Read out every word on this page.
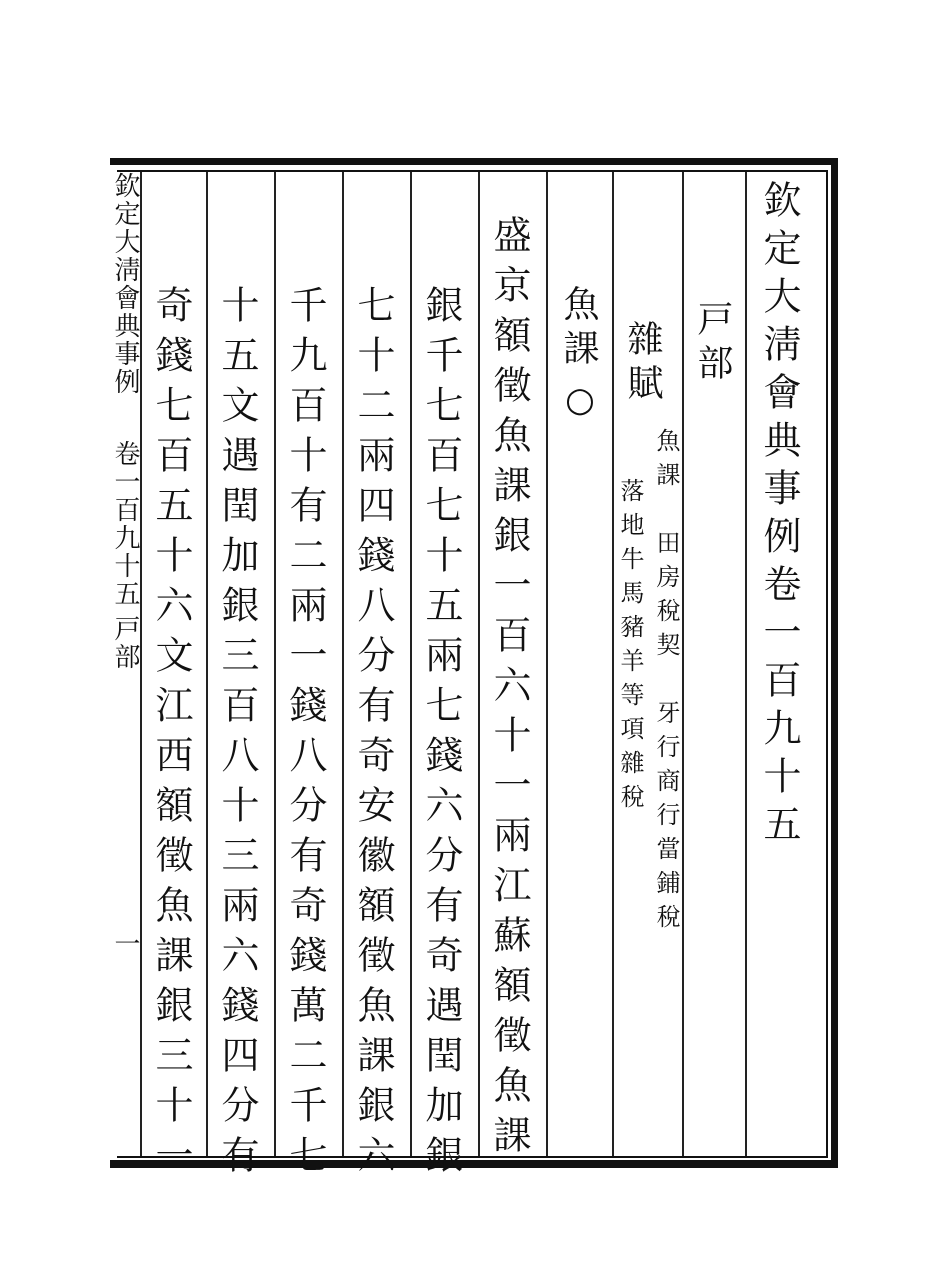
欽定大淸會典事例卷一百九十五
戸部
雜賦
魚課　田房稅契　牙行商行當鋪稅
落地牛馬豬羊等項雜稅
魚課
○
盛京額徵魚課銀一百六十一兩江蘇額徵魚課
銀千七百七十五兩七錢六分有奇遇閏加銀
七十二兩四錢八分有奇安徽額徵魚課銀六
千九百十有二兩一錢八分有奇錢萬二千七
十五文遇閏加銀三百八十三兩六錢四分有
奇錢七百五十六文江西額徵魚課銀三十一
欽定大淸會典事例
卷一百九十五
戸部
一
